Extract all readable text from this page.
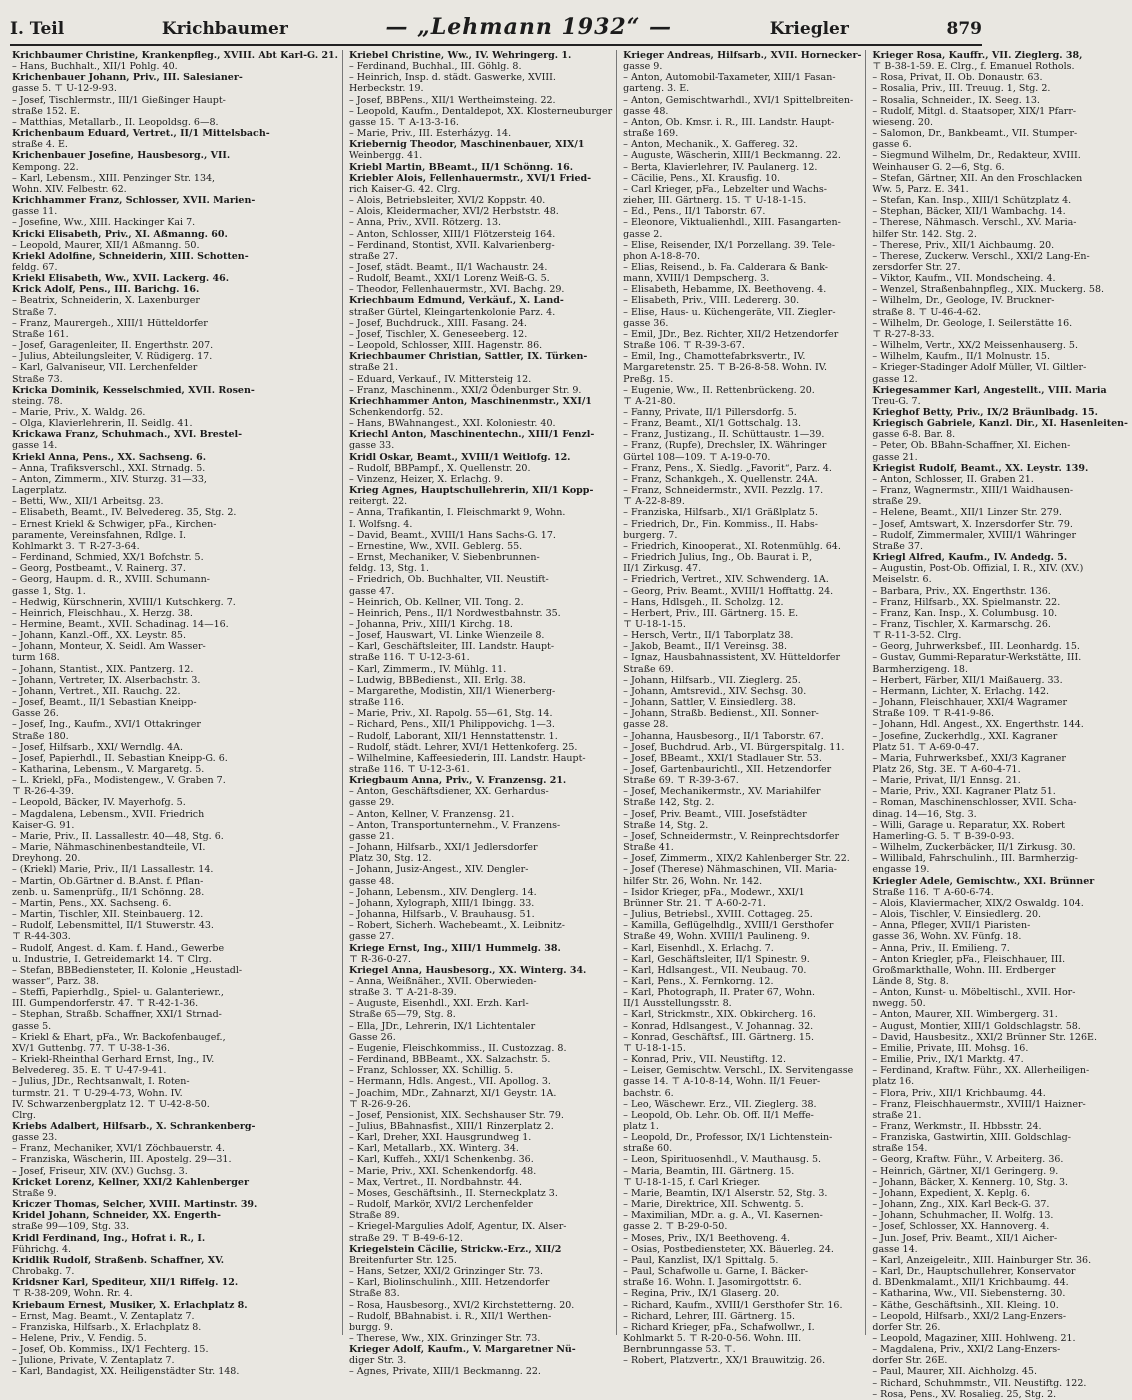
I. Teil	Krichbaumer	— „Lehmann 1932“ —	Kriegler	879
Krichbaumer Christine, Krankenpfleg., XVIII. Abt Karl-G. 21.
– Hans, Buchhalt., XII/1 Pohlg. 40.
Krichenbauer Johann, Priv., III. Salesianer-
gasse 5. ⊤ U-12-9-93.
– Josef, Tischlermstr., III/1 Gießinger Haupt-
straße 152. E.
– Matthias, Metallarb., II. Leopoldsg. 6—8.
Krichenbaum Eduard, Vertret., II/1 Mittelsbach-
straße 4. E.
Krichenbauer Josefine, Hausbesorg., VII.
Kempong. 22.
– Karl, Lebensm., XIII. Penzinger Str. 134,
Wohn. XIV. Felbestr. 62.
Krichhammer Franz, Schlosser, XVII. Marien-
gasse 11.
– Josefine, Ww., XIII. Hackinger Kai 7.
Kricki Elisabeth, Priv., XI. Aßmanng. 60.
– Leopold, Maurer, XII/1 Aßmanng. 50.
Kriekl Adolfine, Schneiderin, XIII. Schotten-
feldg. 67.
Kriekl Elisabeth, Ww., XVII. Lackerg. 46.
Krick Adolf, Pens., III. Barichg. 16.
– Beatrix, Schneiderin, X. Laxenburger
Straße 7.
– Franz, Maurergeh., XIII/1 Hütteldorfer
Straße 161.
– Josef, Garagenleiter, II. Engerthstr. 207.
– Julius, Abteilungsleiter, V. Rüdigerg. 17.
– Karl, Galvaniseur, VII. Lerchenfelder
Straße 73.
Kricka Dominik, Kesselschmied, XVII. Rosen-
steing. 78.
– Marie, Priv., X. Waldg. 26.
– Olga, Klavierlehrerin, II. Seidlg. 41.
Krickawa Franz, Schuhmach., XVI. Brestel-
gasse 14.
Kriekl Anna, Pens., XX. Sachseng. 6.
– Anna, Trafiksverschl., XXI. Strnadg. 5.
– Anton, Zimmerm., XIV. Sturzg. 31—33,
Lagerplatz.
– Betti, Ww., XII/1 Arbeitsg. 23.
– Elisabeth, Beamt., IV. Belvedereg. 35, Stg. 2.
– Ernest Kriekl & Schwiger, pFa., Kirchen-
paramente, Vereinsfahnen, Rdlge. I.
Kohlmarkt 3. ⊤ R-27-3-64.
– Ferdinand, Schmied, XX/1 Bofchstr. 5.
– Georg, Postbeamt., V. Rainerg. 37.
– Georg, Haupm. d. R., XVIII. Schumann-
gasse 1, Stg. 1.
– Hedwig, Kürschnerin, XVIII/1 Kutschkerg. 7.
– Heinrich, Fleischhau., X. Herzg. 38.
– Hermine, Beamt., XVII. Schadinag. 14—16.
– Johann, Kanzl.-Off., XX. Leystr. 85.
– Johann, Monteur, X. Seidl. Am Wasser-
turm 168.
– Johann, Stantist., XIX. Pantzerg. 12.
– Johann, Vertreter, IX. Alserbachstr. 3.
– Johann, Vertret., XII. Rauchg. 22.
– Josef, Beamt., II/1 Sebastian Kneipp-
Gasse 26.
– Josef, Ing., Kaufm., XVI/1 Ottakringer
Straße 180.
– Josef, Hilfsarb., XXI/ Werndlg. 4A.
– Josef, Papierhdl., II. Sebastian Kneipp-G. 6.
– Katharina, Lebensm., V. Margaretg. 5.
– L. Kriekl, pFa., Modistengew., V. Graben 7.
⊤ R-26-4-39.
– Leopold, Bäcker, IV. Mayerhofg. 5.
– Magdalena, Lebensm., XVII. Friedrich
Kaiser-G. 91.
– Marie, Priv., II. Lassallestr. 40—48, Stg. 6.
– Marie, Nähmaschinenbestandteile, VI.
Dreyhong. 20.
– (Kriekl) Marie, Priv., II/1 Lassallestr. 14.
– Martin, Ob.Gärtner d. B.Anst. f. Pflan-
zenb. u. Samenprüfg., II/1 Schönng. 28.
– Martin, Pens., XX. Sachseng. 6.
– Martin, Tischler, XII. Steinbauerg. 12.
– Rudolf, Lebensmittel, II/1 Stuwerstr. 43.
⊤ R-44-303.
– Rudolf, Angest. d. Kam. f. Hand., Gewerbe
u. Industrie, I. Getreidemarkt 14. ⊤ Clrg.
– Stefan, BBBediensteter, II. Kolonie „Heustadl-
wasser“, Parz. 38.
– Steffi, Papierhdlg., Spiel- u. Galanteriewr.,
III. Gumpendorferstr. 47. ⊤ R-42-1-36.
– Stephan, Straßb. Schaffner, XXI/1 Strnad-
gasse 5.
– Kriekl & Ehart, pFa., Wr. Backofenbaugef.,
XV/1 Guttenbg. 77. ⊤ U-38-1-36.
– Kriekl-Rheinthal Gerhard Ernst, Ing., IV.
Belvedereg. 35. E. ⊤ U-47-9-41.
– Julius, JDr., Rechtsanwalt, I. Roten-
turmstr. 21. ⊤ U-29-4-73, Wohn. IV.
IV. Schwarzenbergplatz 12. ⊤ U-42-8-50.
Clrg.
Kriebs Adalbert, Hilfsarb., X. Schrankenberg-
gasse 23.
– Franz, Mechaniker, XVI/1 Zöchbauerstr. 4.
– Franziska, Wäscherin, III. Apostelg. 29—31.
– Josef, Friseur, XIV. (XV.) Guchsg. 3.
Kricket Lorenz, Kellner, XXI/2 Kahlenberger
Straße 9.
Kriczer Thomas, Selcher, XVIII. Martinstr. 39.
Kridel Johann, Schneider, XX. Engerth-
straße 99—109, Stg. 33.
Kridl Ferdinand, Ing., Hofrat i. R., I.
Führichg. 4.
Kridlik Rudolf, Straßenb. Schaffner, XV.
Chrobakg. 7.
Kridsner Karl, Spediteur, XII/1 Riffelg. 12.
⊤ R-38-209, Wohn. Rr. 4.
Kriebaum Ernest, Musiker, X. Erlachplatz 8.
– Ernst, Mag. Beamt., V. Zentaplatz 7.
– Franziska, Hilfsarb., X. Erlachplatz 8.
– Helene, Priv., V. Fendig. 5.
– Josef, Ob. Kommiss., IX/1 Fechterg. 15.
– Julione, Private, V. Zentaplatz 7.
– Karl, Bandagist, XX. Heiligenstädter Str. 148.
Kriebel Christine, Ww., IV. Wehringerg. 1.
– Ferdinand, Buchhal., III. Göhlg. 8.
– Heinrich, Insp. d. städt. Gaswerke, XVIII.
Herbeckstr. 19.
– Josef, BBPens., XII/1 Wertheimsteing. 22.
– Leopold, Kaufm., Dentaldepot, XX. Klosterneuburger
gasse 15. ⊤ A-13-3-16.
– Marie, Priv., III. Esterházyg. 14.
Kriebernig Theodor, Maschinenbauer, XIX/1
Weinbergg. 41.
Kriebl Martin, BBeamt., II/1 Schönng. 16.
Kriebler Alois, Fellenhauermstr., XVI/1 Fried-
rich Kaiser-G. 42. Clrg.
– Alois, Betriebsleiter, XVI/2 Koppstr. 40.
– Alois, Kleidermacher, XVI/2 Herbststr. 48.
– Anna, Priv., XVII. Rötzerg. 13.
– Anton, Schlosser, XIII/1 Flötzersteig 164.
– Ferdinand, Stontist, XVII. Kalvarienberg-
straße 27.
– Josef, städt. Beamt., II/1 Wachaustr. 24.
– Rudolf, Beamt., XXI/1 Lorenz Weiß-G. 5.
– Theodor, Fellenhauermstr., XVI. Bachg. 29.
Kriechbaum Edmund, Verkäuf., X. Land-
straßer Gürtel, Kleingartenkolonie Parz. 4.
– Josef, Buchdruck., XIII. Fasang. 24.
– Josef, Tischler, X. Geneseeberg. 12.
– Leopold, Schlosser, XIII. Hagenstr. 86.
Kriechbaumer Christian, Sattler, IX. Türken-
straße 21.
– Eduard, Verkauf., IV. Mittersteig 12.
– Franz, Maschinenm., XXI/2 Ödenburger Str. 9.
Kriechhammer Anton, Maschinenmstr., XXI/1
Schenkendorfg. 52.
– Hans, BWahnangest., XXI. Koloniestr. 40.
Kriechl Anton, Maschinentechn., XIII/1 Fenzl-
gasse 33.
Kridl Oskar, Beamt., XVIII/1 Weitlofg. 12.
– Rudolf, BBPampf., X. Quellenstr. 20.
– Vinzenz, Heizer, X. Erlachg. 9.
Krieg Agnes, Hauptschullehrerin, XII/1 Kopp-
reitergt. 22.
– Anna, Trafikantin, I. Fleischmarkt 9, Wohn.
I. Wolfsng. 4.
– David, Beamt., XVIII/1 Hans Sachs-G. 17.
– Ernestine, Ww., XVII. Geblerg. 55.
– Ernst, Mechaniker, V. Siebenbrunnen-
feldg. 13, Stg. 1.
– Friedrich, Ob. Buchhalter, VII. Neustift-
gasse 47.
– Heinrich, Ob. Kellner, VII. Tong. 2.
– Heinrich, Pens., II/1 Nordwestbahnstr. 35.
– Johanna, Priv., XIII/1 Kirchg. 18.
– Josef, Hauswart, VI. Linke Wienzeile 8.
– Karl, Geschäftsleiter, III. Landstr. Haupt-
straße 116. ⊤ U-12-3-61.
– Karl, Zimmerm., IV. Mühlg. 11.
– Ludwig, BBBedienst., XII. Erlg. 38.
– Margarethe, Modistin, XII/1 Wienerberg-
straße 116.
– Marie, Priv., XI. Rapolg. 55—61, Stg. 14.
– Richard, Pens., XII/1 Philippovichg. 1—3.
– Rudolf, Laborant, XII/1 Hennstattenstr. 1.
– Rudolf, städt. Lehrer, XVI/1 Hettenkoferg. 25.
– Wilhelmine, Kaffeesiederin, III. Landstr. Haupt-
straße 116. ⊤ U-12-3-61.
Kriegbaum Anna, Priv., V. Franzensg. 21.
– Anton, Geschäftsdiener, XX. Gerhardus-
gasse 29.
– Anton, Kellner, V. Franzensg. 21.
– Anton, Transportunternehm., V. Franzens-
gasse 21.
– Johann, Hilfsarb., XXI/1 Jedlersdorfer
Platz 30, Stg. 12.
– Johann, Jusiz-Angest., XIV. Dengler-
gasse 48.
– Johann, Lebensm., XIV. Denglerg. 14.
– Johann, Xylograph, XIII/1 Ibingg. 33.
– Johanna, Hilfsarb., V. Brauhausg. 51.
– Robert, Sicherh. Wachebeamt., X. Leibnitz-
gasse 27.
Kriege Ernst, Ing., XIII/1 Hummelg. 38.
⊤ R-36-0-27.
Kriegel Anna, Hausbesorg., XX. Winterg. 34.
– Anna, Weißnäher., XVII. Oberwieden-
straße 3. ⊤ A-21-8-39.
– Auguste, Eisenhdl., XXI. Erzh. Karl-
Straße 65—79, Stg. 8.
– Ella, JDr., Lehrerin, IX/1 Lichtentaler
Gasse 26.
– Eugenie, Fleischkommiss., II. Custozzag. 8.
– Ferdinand, BBBeamt., XX. Salzachstr. 5.
– Franz, Schlosser, XX. Schillig. 5.
– Hermann, Hdls. Angest., VII. Apollog. 3.
– Joachim, MDr., Zahnarzt, XI/1 Geystr. 1A.
⊤ R-26-9-26.
– Josef, Pensionist, XIX. Sechshauser Str. 79.
– Julius, BBahnasfist., XIII/1 Rinzerplatz 2.
– Karl, Dreher, XXI. Hausgrundweg 1.
– Karl, Metallarb., XX. Winterg. 34.
– Karl, Kuffeh., XXI/1 Schenkenbg. 36.
– Marie, Priv., XXI. Schenkendorfg. 48.
– Max, Vertret., II. Nordbahnstr. 44.
– Moses, Geschäftsinh., II. Sterneckplatz 3.
– Rudolf, Markör, XVI/2 Lerchenfelder
Straße 89.
– Kriegel-Margulies Adolf, Agentur, IX. Alser-
straße 29. ⊤ B-49-6-12.
Kriegelstein Cäcilie, Strickw.-Erz., XII/2
Breitenfurter Str. 125.
– Hans, Setzer, XXI/2 Grinzinger Str. 73.
– Karl, Biolinschulinh., XIII. Hetzendorfer
Straße 83.
– Rosa, Hausbesorg., XVI/2 Kirchstetterng. 20.
– Rudolf, BBahnabist. i. R., XII/1 Werthen-
burgg. 9.
– Therese, Ww., XIX. Grinzinger Str. 73.
Krieger Adolf, Kaufm., V. Margaretner Nü-
diger Str. 3.
– Agnes, Private, XIII/1 Beckmanng. 22.
Krieger Andreas, Hilfsarb., XVII. Hornecker-
gasse 9.
– Anton, Automobil-Taxameter, XIII/1 Fasan-
garteng. 3. E.
– Anton, Gemischtwarhdl., XVI/1 Spittelbreiten-
gasse 48.
– Anton, Ob. Kmsr. i. R., III. Landstr. Haupt-
straße 169.
– Anton, Mechanik., X. Gaffereg. 32.
– Auguste, Wäscherin, XIII/1 Beckmanng. 22.
– Berta, Klavierlehrer, IV. Paulanerg. 12.
– Cäcilie, Pens., XI. Krausfig. 10.
– Carl Krieger, pFa., Lebzelter und Wachs-
zieher, III. Gärtnerg. 15. ⊤ U-18-1-15.
– Ed., Pens., II/1 Taborstr. 67.
– Eleonore, Viktualienhdl., XIII. Fasangarten-
gasse 2.
– Elise, Reisender, IX/1 Porzellang. 39. Tele-
phon A-18-8-70.
– Elias, Reisend., b. Fa. Calderara & Bank-
mann, XVIII/1 Dempscherg. 3.
– Elisabeth, Hebamme, IX. Beethoveng. 4.
– Elisabeth, Priv., VIII. Ledererg. 30.
– Elise, Haus- u. Küchengeräte, VII. Ziegler-
gasse 36.
– Emil, JDr., Bez. Richter, XII/2 Hetzendorfer
Straße 106. ⊤ R-39-3-67.
– Emil, Ing., Chamottefabrksvertr., IV.
Margaretenstr. 25. ⊤ B-26-8-58. Wohn. IV.
Preßg. 15.
– Eugenie, Ww., II. Rettenbrückeng. 20.
⊤ A-21-80.
– Fanny, Private, II/1 Pillersdorfg. 5.
– Franz, Beamt., XI/1 Gottschalg. 13.
– Franz, Justizang., II. Schüttaustr. 1—39.
– Franz, (Rupfe), Drechsler, IX. Währinger
Gürtel 108—109. ⊤ A-19-0-70.
– Franz, Pens., X. Siedlg. „Favorit“, Parz. 4.
– Franz, Schankgeh., X. Quellenstr. 24A.
– Franz, Schneidermstr., XVII. Pezzlg. 17.
⊤ A-22-8-89.
– Franziska, Hilfsarb., XI/1 Gräßlplatz 5.
– Friedrich, Dr., Fin. Kommiss., II. Habs-
burgerg. 7.
– Friedrich, Kinooperat., XI. Rotenmühlg. 64.
– Friedrich Julius, Ing., Ob. Baurat i. P.,
II/1 Zirkusg. 47.
– Friedrich, Vertret., XIV. Schwenderg. 1A.
– Georg, Priv. Beamt., XVIII/1 Hofftattg. 24.
– Hans, Hdlsgeh., II. Scholzg. 12.
– Herbert, Priv., III. Gärtnerg. 15. E.
⊤ U-18-1-15.
– Hersch, Vertr., II/1 Taborplatz 38.
– Jakob, Beamt., II/1 Vereinsg. 38.
– Ignaz, Hausbahnassistent, XV. Hütteldorfer
Straße 69.
– Johann, Hilfsarb., VII. Zieglerg. 25.
– Johann, Amtsrevid., XIV. Sechsg. 30.
– Johann, Sattler, V. Einsiedlerg. 38.
– Johann, Straßb. Bedienst., XII. Sonner-
gasse 28.
– Johanna, Hausbesorg., II/1 Taborstr. 67.
– Josef, Buchdrud. Arb., VI. Bürgerspitalg. 11.
– Josef, BBeamt., XXI/1 Stadlauer Str. 53.
– Josef, Gartenbaurichtl., XII. Hetzendorfer
Straße 69. ⊤ R-39-3-67.
– Josef, Mechanikermstr., XV. Mariahilfer
Straße 142, Stg. 2.
– Josef, Priv. Beamt., VIII. Josefstädter
Straße 14, Stg. 2.
– Josef, Schneidermstr., V. Reinprechtsdorfer
Straße 41.
– Josef, Zimmerm., XIX/2 Kahlenberger Str. 22.
– Josef (Therese) Nähmaschinen, VII. Maria-
hilfer Str. 26, Wohn. Nr. 142.
– Isidor Krieger, pFa., Modewr., XXI/1
Brünner Str. 21. ⊤ A-60-2-71.
– Julius, Betriebsl., XVIII. Cottageg. 25.
– Kamilla, Geflügelhdlg., XVIII/1 Gersthofer
Straße 49, Wohn. XVIII/1 Paulineng. 9.
– Karl, Eisenhdl., X. Erlachg. 7.
– Karl, Geschäftsleiter, II/1 Spinestr. 9.
– Karl, Hdlsangest., VII. Neubaug. 70.
– Karl, Pens., X. Fernkorng. 12.
– Karl, Photograph, II. Prater 67, Wohn.
II/1 Ausstellungsstr. 8.
– Karl, Strickmstr., XIX. Obkircherg. 16.
– Konrad, Hdlsangest., V. Johannag. 32.
– Konrad, Geschäftsf., III. Gärtnerg. 15.
⊤ U-18-1-15.
– Konrad, Priv., VII. Neustiftg. 12.
– Leiser, Gemischtw. Verschl., IX. Servitengasse
gasse 14. ⊤ A-10-8-14, Wohn. II/1 Feuer-
bachstr. 6.
– Leo, Wäschewr. Erz., VII. Zieglerg. 38.
– Leopold, Ob. Lehr. Ob. Off. II/1 Meffe-
platz 1.
– Leopold, Dr., Professor, IX/1 Lichtenstein-
straße 60.
– Leon, Spirituosenhdl., V. Mauthausg. 5.
– Maria, Beamtin, III. Gärtnerg. 15.
⊤ U-18-1-15, f. Carl Krieger.
– Marie, Beamtin, IX/1 Alserstr. 52, Stg. 3.
– Marie, Direktrice, XII. Schwentg. 5.
– Maximilian, MDr. a. g. A., VI. Kasernen-
gasse 2. ⊤ B-29-0-50.
– Moses, Priv., IX/1 Beethoveng. 4.
– Osias, Postbediensteter, XX. Bäuerleg. 24.
– Paul, Kanzlist, IX/1 Spittalg. 5.
– Paul, Schafwolle u. Garne, I. Bäcker-
straße 16. Wohn. I. Jasomirgottstr. 6.
– Regina, Priv., IX/1 Glaserg. 20.
– Richard, Kaufm., XVIII/1 Gersthofer Str. 16.
– Richard, Lehrer, III. Gärtnerg. 15.
– Richard Krieger, pFa., Schafwollwr., I.
Kohlmarkt 5. ⊤ R-20-0-56. Wohn. III.
Bernbrunngasse 53. ⊤.
– Robert, Platzvertr., XX/1 Brauwitzig. 26.
Krieger Rosa, Kauffr., VII. Zieglerg. 38,
⊤ B-38-1-59. E. Clrg., f. Emanuel Rothols.
– Rosa, Privat, II. Ob. Donaustr. 63.
– Rosalia, Priv., III. Treuug. 1, Stg. 2.
– Rosalia, Schneider., IX. Seeg. 13.
– Rudolf, Mitgl. d. Staatsoper, XIX/1 Pfarr-
wieseng. 20.
– Salomon, Dr., Bankbeamt., VII. Stumper-
gasse 6.
– Siegmund Wilhelm, Dr., Redakteur, XVIII.
Weinhauser G. 2—6, Stg. 6.
– Stefan, Gärtner, XII. An den Froschlacken
Ww. 5, Parz. E. 341.
– Stefan, Kan. Insp., XIII/1 Schützplatz 4.
– Stephan, Bäcker, XII/1 Wambachg. 14.
– Therese, Nähmasch. Verschl., XV. Maria-
hilfer Str. 142. Stg. 2.
– Therese, Priv., XII/1 Aichbaumg. 20.
– Therese, Zuckerw. Verschl., XXI/2 Lang-En-
zersdorfer Str. 27.
– Viktor, Kaufm., VII. Mondscheing. 4.
– Wenzel, Straßenbahnpfleg., XIX. Muckerg. 58.
– Wilhelm, Dr., Geologe, IV. Bruckner-
straße 8. ⊤ U-46-4-62.
– Wilhelm, Dr. Geologe, I. Seilerstätte 16.
⊤ R-27-8-33.
– Wilhelm, Vertr., XX/2 Meissenhauserg. 5.
– Wilhelm, Kaufm., II/1 Molnustr. 15.
– Krieger-Stadinger Adolf Müller, VI. Giltler-
gasse 12.
Kriegesammer Karl, Angestellt., VIII. Maria
Treu-G. 7.
Krieghof Betty, Priv., IX/2 Bräunlbadg. 15.
Kriegisch Gabriele, Kanzl. Dir., XI. Hasenleiten-
gasse 6-8. Bar. 8.
– Peter, Ob. BBahn-Schaffner, XI. Eichen-
gasse 21.
Kriegist Rudolf, Beamt., XX. Leystr. 139.
– Anton, Schlosser, II. Graben 21.
– Franz, Wagnermstr., XIII/1 Waidhausen-
straße 29.
– Helene, Beamt., XII/1 Linzer Str. 279.
– Josef, Amtswart, X. Inzersdorfer Str. 79.
– Rudolf, Zimmermaler, XVIII/1 Währinger
Straße 37.
Kriegl Alfred, Kaufm., IV. Andedg. 5.
– Augustin, Post-Ob. Offizial, I. R., XIV. (XV.)
Meiselstr. 6.
– Barbara, Priv., XX. Engerthstr. 136.
– Franz, Hilfsarb., XX. Spielmanstr. 22.
– Franz, Kan. Insp., X. Columbusg. 10.
– Franz, Tischler, X. Karmarschg. 26.
⊤ R-11-3-52. Clrg.
– Georg, Juhrwerksbef., III. Leonhardg. 15.
– Gustav, Gummi-Reparatur-Werkstätte, III.
Barmherzigeng. 18.
– Herbert, Färber, XII/1 Maißauerg. 33.
– Hermann, Lichter, X. Erlachg. 142.
– Johann, Fleischhauer, XXI/4 Wagramer
Straße 109. ⊤ R-41-9-86.
– Johann, Hdl. Angest., XX. Engerthstr. 144.
– Josefine, Zuckerhdlg., XXI. Kagraner
Platz 51. ⊤ A-69-0-47.
– Maria, Fuhrwerksbef., XXI/3 Kagraner
Platz 26, Stg. 3E. ⊤ A-60-4-71.
– Marie, Privat, II/1 Ennsg. 21.
– Marie, Priv., XXI. Kagraner Platz 51.
– Roman, Maschinenschlosser, XVII. Scha-
dinag. 14—16, Stg. 3.
– Willi, Garage u. Reparatur, XX. Robert
Hamerling-G. 5. ⊤ B-39-0-93.
– Wilhelm, Zuckerbäcker, II/1 Zirkusg. 30.
– Willibald, Fahrschulinh., III. Barmherzig-
engasse 19.
Kriegler Adele, Gemischtw., XXI. Brünner
Straße 116. ⊤ A-60-6-74.
– Alois, Klaviermacher, XIX/2 Oswaldg. 104.
– Alois, Tischler, V. Einsiedlerg. 20.
– Anna, Pfleger, XVII/1 Piaristen-
gasse 36, Wohn. XV. Fünfg. 18.
– Anna, Priv., II. Emilieng. 7.
– Anton Kriegler, pFa., Fleischhauer, III.
Großmarkthalle, Wohn. III. Erdberger
Lände 8, Stg. 8.
– Anton, Kunst- u. Möbeltischl., XVII. Hor-
nwegg. 50.
– Anton, Maurer, XII. Wimbergerg. 31.
– August, Montier, XIII/1 Goldschlagstr. 58.
– David, Hausbesitz., XXI/2 Brünner Str. 126E.
– Emilie, Private, III. Mohsg. 16.
– Emilie, Priv., IX/1 Marktg. 47.
– Ferdinand, Kraftw. Führ., XX. Allerheiligen-
platz 16.
– Flora, Priv., XII/1 Krichbaumg. 44.
– Franz, Fleischhauermstr., XVIII/1 Haizner-
straße 21.
– Franz, Werkmstr., II. Hbbsstr. 24.
– Franziska, Gastwirtin, XIII. Goldschlag-
straße 154.
– Georg, Kraftw. Führ., V. Arbeiterg. 36.
– Heinrich, Gärtner, XI/1 Geringerg. 9.
– Johann, Bäcker, X. Kennerg. 10, Stg. 3.
– Johann, Expedient, X. Keplg. 6.
– Johann, Zng., XIX. Karl Beck-G. 37.
– Johann, Schuhmacher, II. Wolfg. 13.
– Josef, Schlosser, XX. Hannoverg. 4.
– Jun. Josef, Priv. Beamt., XII/1 Aicher-
gasse 14.
– Karl, Anzeigeleitr., XIII. Hainburger Str. 36.
– Karl, Dr., Hauptschullehrer, Konservator
d. BDenkmalamt., XII/1 Krichbaumg. 44.
– Katharina, Ww., VII. Siebensterng. 30.
– Käthe, Geschäftsinh., XII. Kleing. 10.
– Leopold, Hilfsarb., XXI/2 Lang-Enzers-
dorfer Str. 26.
– Leopold, Magaziner, XIII. Hohlweng. 21.
– Magdalena, Priv., XXI/2 Lang-Enzers-
dorfer Str. 26E.
– Paul, Maurer, XII. Aichholzg. 45.
– Richard, Schuhmmstr., VII. Neustiftg. 122.
– Rosa, Pens., XV. Rosalieg. 25, Stg. 2.
